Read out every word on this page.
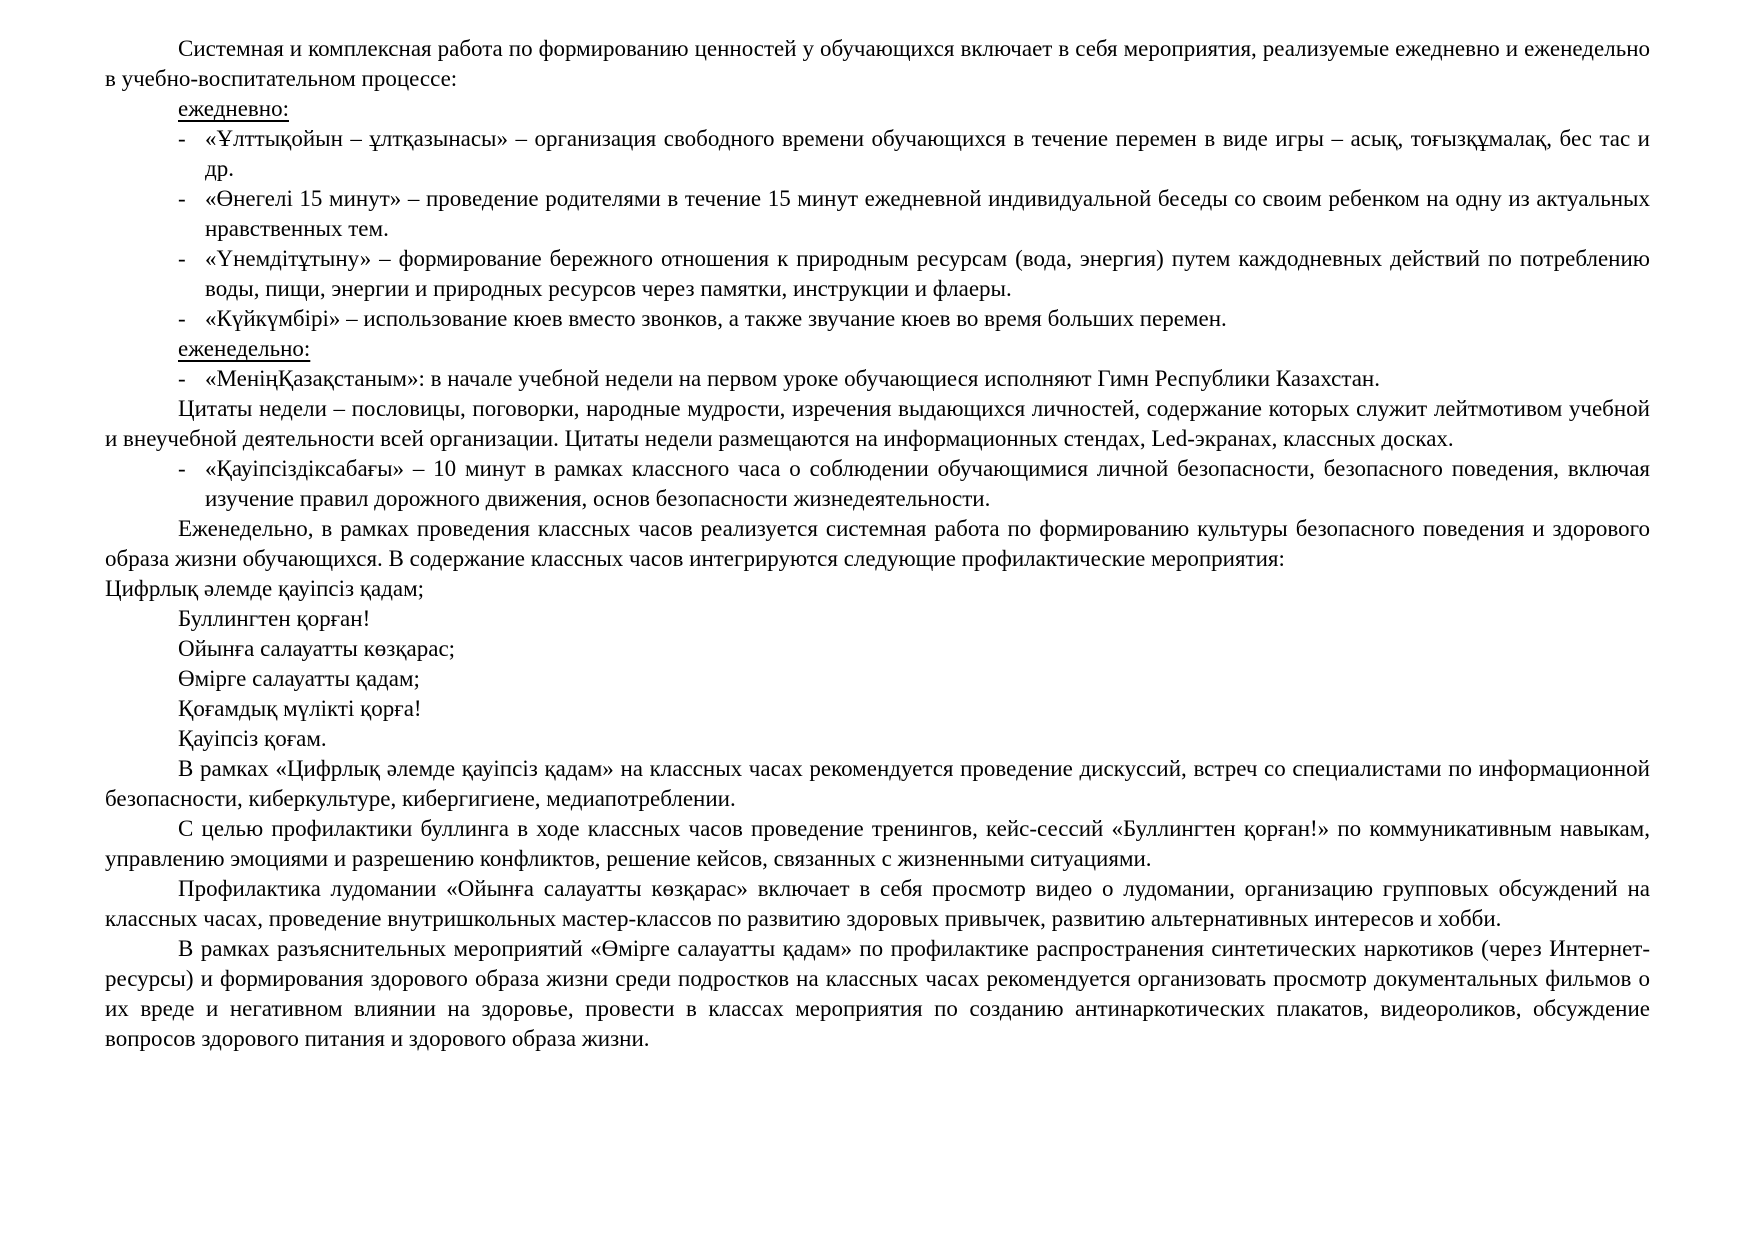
Системная и комплексная работа по формированию ценностей у обучающихся включает в себя мероприятия, реализуемые ежедневно и еженедельно в учебно-воспитательном процессе:

ежедневно:
- «Ұлттықойын – ұлтқазынасы» – организация свободного времени обучающихся в течение перемен в виде игры – асық, тоғызқұмалақ, бес тас и др.
- «Өнегелі 15 минут» – проведение родителями в течение 15 минут ежедневной индивидуальной беседы со своим ребенком на одну из актуальных нравственных тем.
- «Үнемдітұтыну» – формирование бережного отношения к природным ресурсам (вода, энергия) путем каждодневных действий по потреблению воды, пищи, энергии и природных ресурсов через памятки, инструкции и флаеры.
- «Күйкүмбірі» – использование кюев вместо звонков, а также звучание кюев во время больших перемен.
еженедельно:
- «МеніңҚазақстаным»: в начале учебной недели на первом уроке обучающиеся исполняют Гимн Республики Казахстан.

Цитаты недели – пословицы, поговорки, народные мудрости, изречения выдающихся личностей, содержание которых служит лейтмотивом учебной и внеучебной деятельности всей организации. Цитаты недели размещаются на информационных стендах, Led-экранах, классных досках.

- «Қауіпсіздіксабағы» – 10 минут в рамках классного часа о соблюдении обучающимися личной безопасности, безопасного поведения, включая изучение правил дорожного движения, основ безопасности жизнедеятельности.

Еженедельно, в рамках проведения классных часов реализуется системная работа по формированию культуры безопасного поведения и здорового образа жизни обучающихся. В содержание классных часов интегрируются следующие профилактические мероприятия:

Цифрлық әлемде қауіпсіз қадам;
Буллингтен қорған!
Ойынға салауатты көзқарас;
Өмірге салауатты қадам;
Қоғамдық мүлікті қорға!
Қауіпсіз қоғам.

В рамках «Цифрлық әлемде қауіпсіз қадам» на классных часах рекомендуется проведение дискуссий, встреч со специалистами по информационной безопасности, киберкультуре, кибергигиене, медиапотреблении.

С целью профилактики буллинга в ходе классных часов проведение тренингов, кейс-сессий «Буллингтен қорған!» по коммуникативным навыкам, управлению эмоциями и разрешению конфликтов, решение кейсов, связанных с жизненными ситуациями.

Профилактика лудомании «Ойынға салауатты көзқарас» включает в себя просмотр видео о лудомании, организацию групповых обсуждений на классных часах, проведение внутришкольных мастер-классов по развитию здоровых привычек, развитию альтернативных интересов и хобби.

В рамках разъяснительных мероприятий «Өмірге салауатты қадам» по профилактике распространения синтетических наркотиков (через Интернет-ресурсы) и формирования здорового образа жизни среди подростков на классных часах рекомендуется организовать просмотр документальных фильмов о их вреде и негативном влиянии на здоровье, провести в классах мероприятия по созданию антинаркотических плакатов, видеороликов, обсуждение вопросов здорового питания и здорового образа жизни.
